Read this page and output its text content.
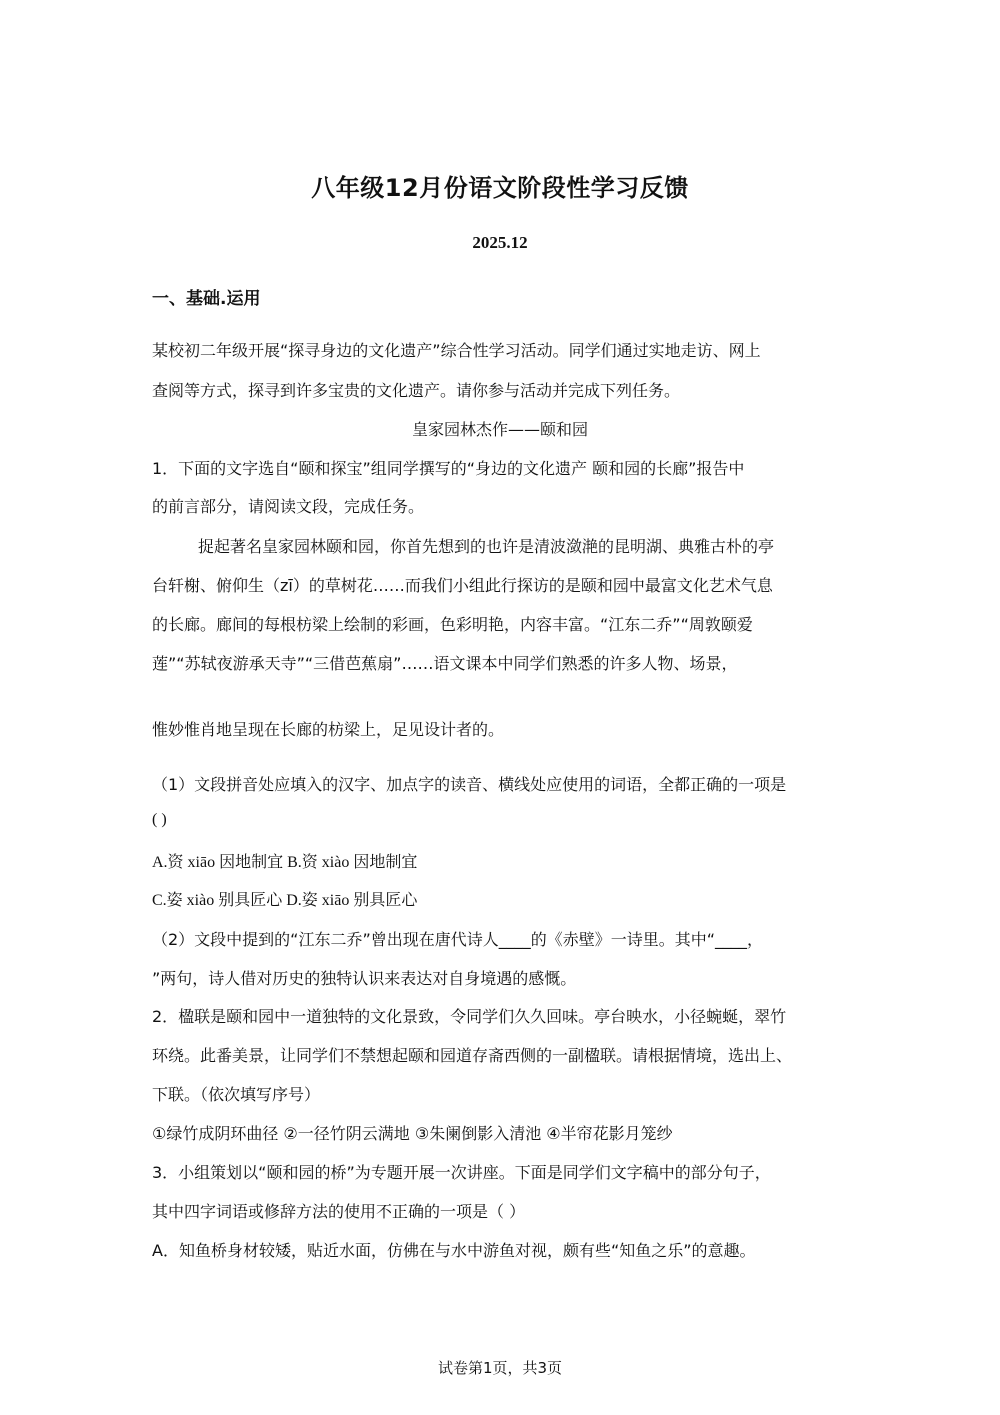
八年级12月份语文阶段性学习反馈
2025.12
一、基础.运用
某校初二年级开展“探寻身边的文化遗产”综合性学习活动。同学们通过实地走访、网上
查阅等方式，探寻到许多宝贵的文化遗产。请你参与活动并完成下列任务。
皇家园林杰作——颐和园
1．下面的文字选自“颐和探宝”组同学撰写的“身边的文化遗产 颐和园的长廊”报告中
的前言部分，请阅读文段，完成任务。
捉起著名皇家园林颐和园，你首先想到的也许是清波潋滟的昆明湖、典雅古朴的亭
台轩榭、俯仰生（zī）的草树花……而我们小组此行探访的是颐和园中最富文化艺术气息
的长廊。廊间的每根枋梁上绘制的彩画，色彩明艳，内容丰富。“江东二乔”“周敦颐爱
莲”“苏轼夜游承天寺”“三借芭蕉扇”……语文课本中同学们熟悉的许多人物、场景，
惟妙惟肖地呈现在长廊的枋梁上，足见设计者的。
（1）文段拼音处应填入的汉字、加点字的读音、横线处应使用的词语，全都正确的一项是
( )
A.资 xiāo 因地制宜 B.资 xiào 因地制宜
C.姿 xiào 别具匠心 D.姿 xiāo 别具匠心
（2）文段中提到的“江东二乔”曾出现在唐代诗人____的《赤壁》一诗里。其中“____，
”两句，诗人借对历史的独特认识来表达对自身境遇的感慨。
2．楹联是颐和园中一道独特的文化景致，令同学们久久回味。亭台映水，小径蜿蜒，翠竹
环绕。此番美景，让同学们不禁想起颐和园道存斋西侧的一副楹联。请根据情境，选出上、
下联。（依次填写序号）
①绿竹成阴环曲径 ②一径竹阴云满地 ③朱阑倒影入清池 ④半帘花影月笼纱
3．小组策划以“颐和园的桥”为专题开展一次讲座。下面是同学们文字稿中的部分句子，
其中四字词语或修辞方法的使用不正确的一项是（ ）
A．知鱼桥身材较矮，贴近水面，仿佛在与水中游鱼对视，颇有些“知鱼之乐”的意趣。
试卷第1页，共3页
